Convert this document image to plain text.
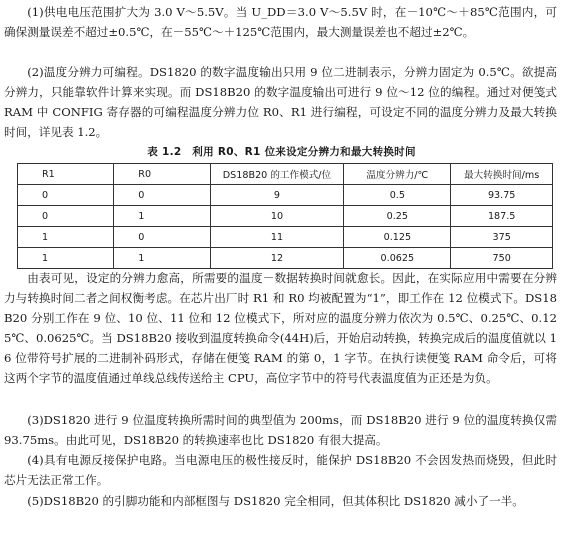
(1)供电电压范围扩大为 3.0 V～5.5V。当 U_DD＝3.0 V～5.5V 时，在－10℃～＋85℃范围内，可确保测量误差不超过±0.5℃，在－55℃～＋125℃范围内，最大测量误差也不超过±2℃。

(2)温度分辨力可编程。DS1820 的数字温度输出只用 9 位二进制表示，分辨力固定为 0.5℃。欲提高分辨力，只能靠软件计算来实现。而 DS18B20 的数字温度输出可进行 9 位～12 位的编程。通过对便笺式 RAM 中 CONFIG 寄存器的可编程温度分辨力位 R0、R1 进行编程，可设定不同的温度分辨力及最大转换时间，详见表 1.2。

表 1.2　利用 R0、R1 位来设定分辨力和最大转换时间
R1	R0	DS18B20 的工作模式/位	温度分辨力/℃	最大转换时间/ms
0	0	9	0.5	93.75
0	1	10	0.25	187.5
1	0	11	0.125	375
1	1	12	0.0625	750

由表可见，设定的分辨力愈高，所需要的温度－数据转换时间就愈长。因此，在实际应用中需要在分辨力与转换时间二者之间权衡考虑。在芯片出厂时 R1 和 R0 均被配置为“1”，即工作在 12 位模式下。DS18B20 分别工作在 9 位、10 位、11 位和 12 位模式下，所对应的温度分辨力依次为 0.5℃、0.25℃、0.125℃、0.0625℃。当 DS18B20 接收到温度转换命令(44H)后，开始启动转换，转换完成后的温度值就以 16 位带符号扩展的二进制补码形式，存储在便笺 RAM 的第 0，1 字节。在执行读便笺 RAM 命令后，可将这两个字节的温度值通过单线总线传送给主 CPU，高位字节中的符号代表温度值为正还是为负。

(3)DS1820 进行 9 位温度转换所需时间的典型值为 200ms，而 DS18B20 进行 9 位的温度转换仅需 93.75ms。由此可见，DS18B20 的转换速率也比 DS1820 有很大提高。

(4)具有电源反接保护电路。当电源电压的极性接反时，能保护 DS18B20 不会因发热而烧毁，但此时芯片无法正常工作。

(5)DS18B20 的引脚功能和内部框图与 DS1820 完全相同，但其体积比 DS1820 减小了一半。
